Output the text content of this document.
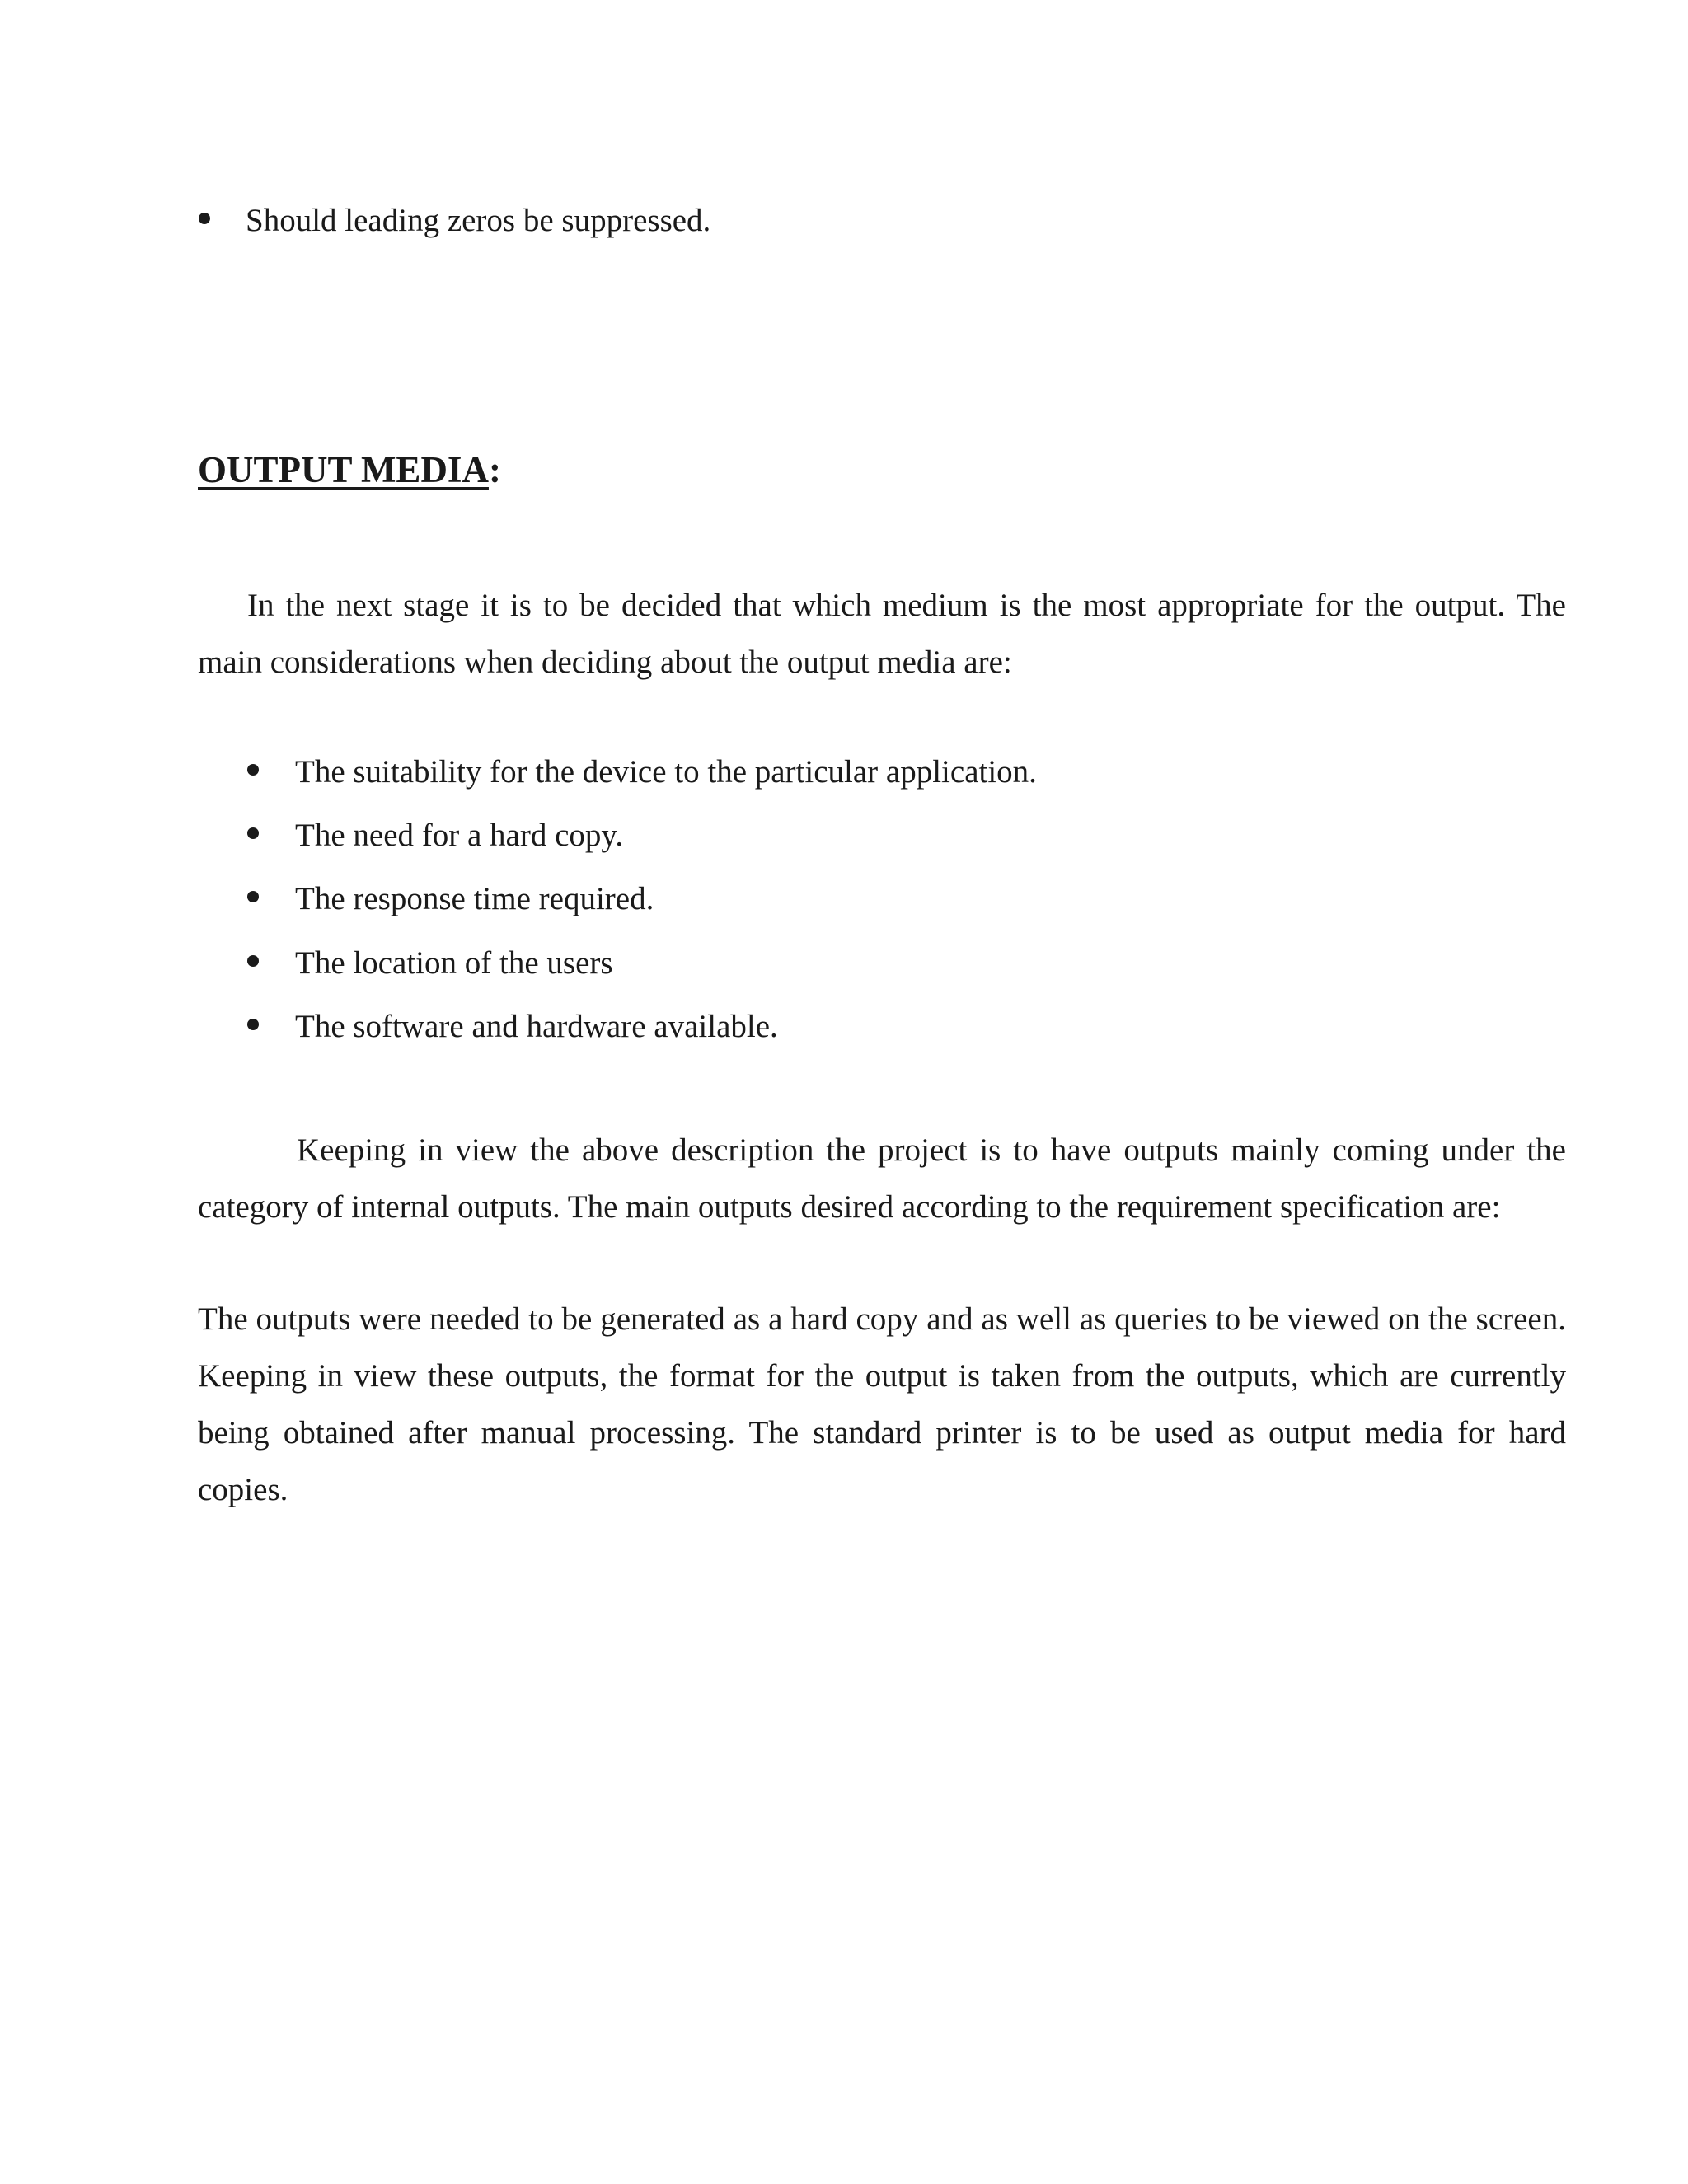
Should leading zeros be suppressed.
OUTPUT MEDIA:

In the next stage it is to be decided that which medium is the most appropriate for the output. The main considerations when deciding about the output media are:

The suitability for the device to the particular application.
The need for a hard copy.
The response time required.
The location of the users
The software and hardware available.

Keeping in view the above description the project is to have outputs mainly coming under the category of internal outputs. The main outputs desired according to the requirement specification are:

The outputs were needed to be generated as a hard copy and as well as queries to be viewed on the screen. Keeping in view these outputs, the format for the output is taken from the outputs, which are currently being obtained after manual processing. The standard printer is to be used as output media for hard copies.
